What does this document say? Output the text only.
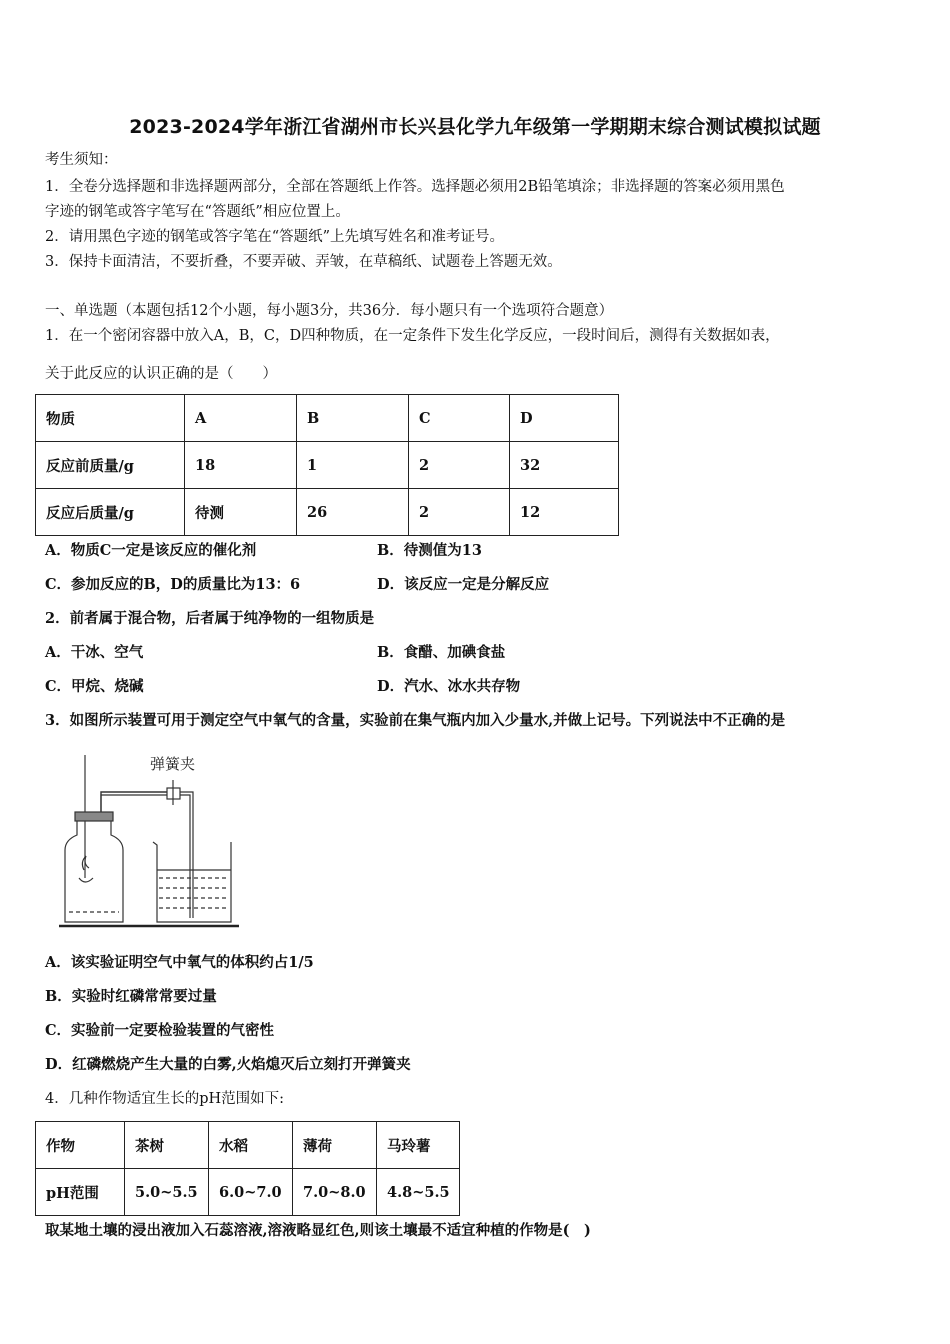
2023-2024学年浙江省湖州市长兴县化学九年级第一学期期末综合测试模拟试题
考生须知：
1．全卷分选择题和非选择题两部分，全部在答题纸上作答。选择题必须用2B铅笔填涂；非选择题的答案必须用黑色
字迹的钢笔或答字笔写在“答题纸”相应位置上。
2．请用黑色字迹的钢笔或答字笔在“答题纸”上先填写姓名和准考证号。
3．保持卡面清洁，不要折叠，不要弄破、弄皱，在草稿纸、试题卷上答题无效。
一、单选题（本题包括12个小题，每小题3分，共36分．每小题只有一个选项符合题意）
1．在一个密闭容器中放入A，B，C，D四种物质，在一定条件下发生化学反应，一段时间后，测得有关数据如表，
关于此反应的认识正确的是（　　）
物质	A	B	C	D
反应前质量/g	18	1	2	32
反应后质量/g	待测	26	2	12
A．物质C一定是该反应的催化剂	B．待测值为13
C．参加反应的B，D的质量比为13：6	D．该反应一定是分解反应
2．前者属于混合物，后者属于纯净物的一组物质是
A．干冰、空气	B．食醋、加碘食盐
C．甲烷、烧碱	D．汽水、冰水共存物
3．如图所示装置可用于测定空气中氧气的含量，实验前在集气瓶内加入少量水,并做上记号。下列说法中不正确的是
弹簧夹
A．该实验证明空气中氧气的体积约占1/5
B．实验时红磷常常要过量
C．实验前一定要检验装置的气密性
D．红磷燃烧产生大量的白雾,火焰熄灭后立刻打开弹簧夹
4．几种作物适宜生长的pH范围如下:
作物	茶树	水稻	薄荷	马玲薯
pH范围	5.0~5.5	6.0~7.0	7.0~8.0	4.8~5.5
取某地土壤的浸出液加入石蕊溶液,溶液略显红色,则该土壤最不适宜种植的作物是(　)
